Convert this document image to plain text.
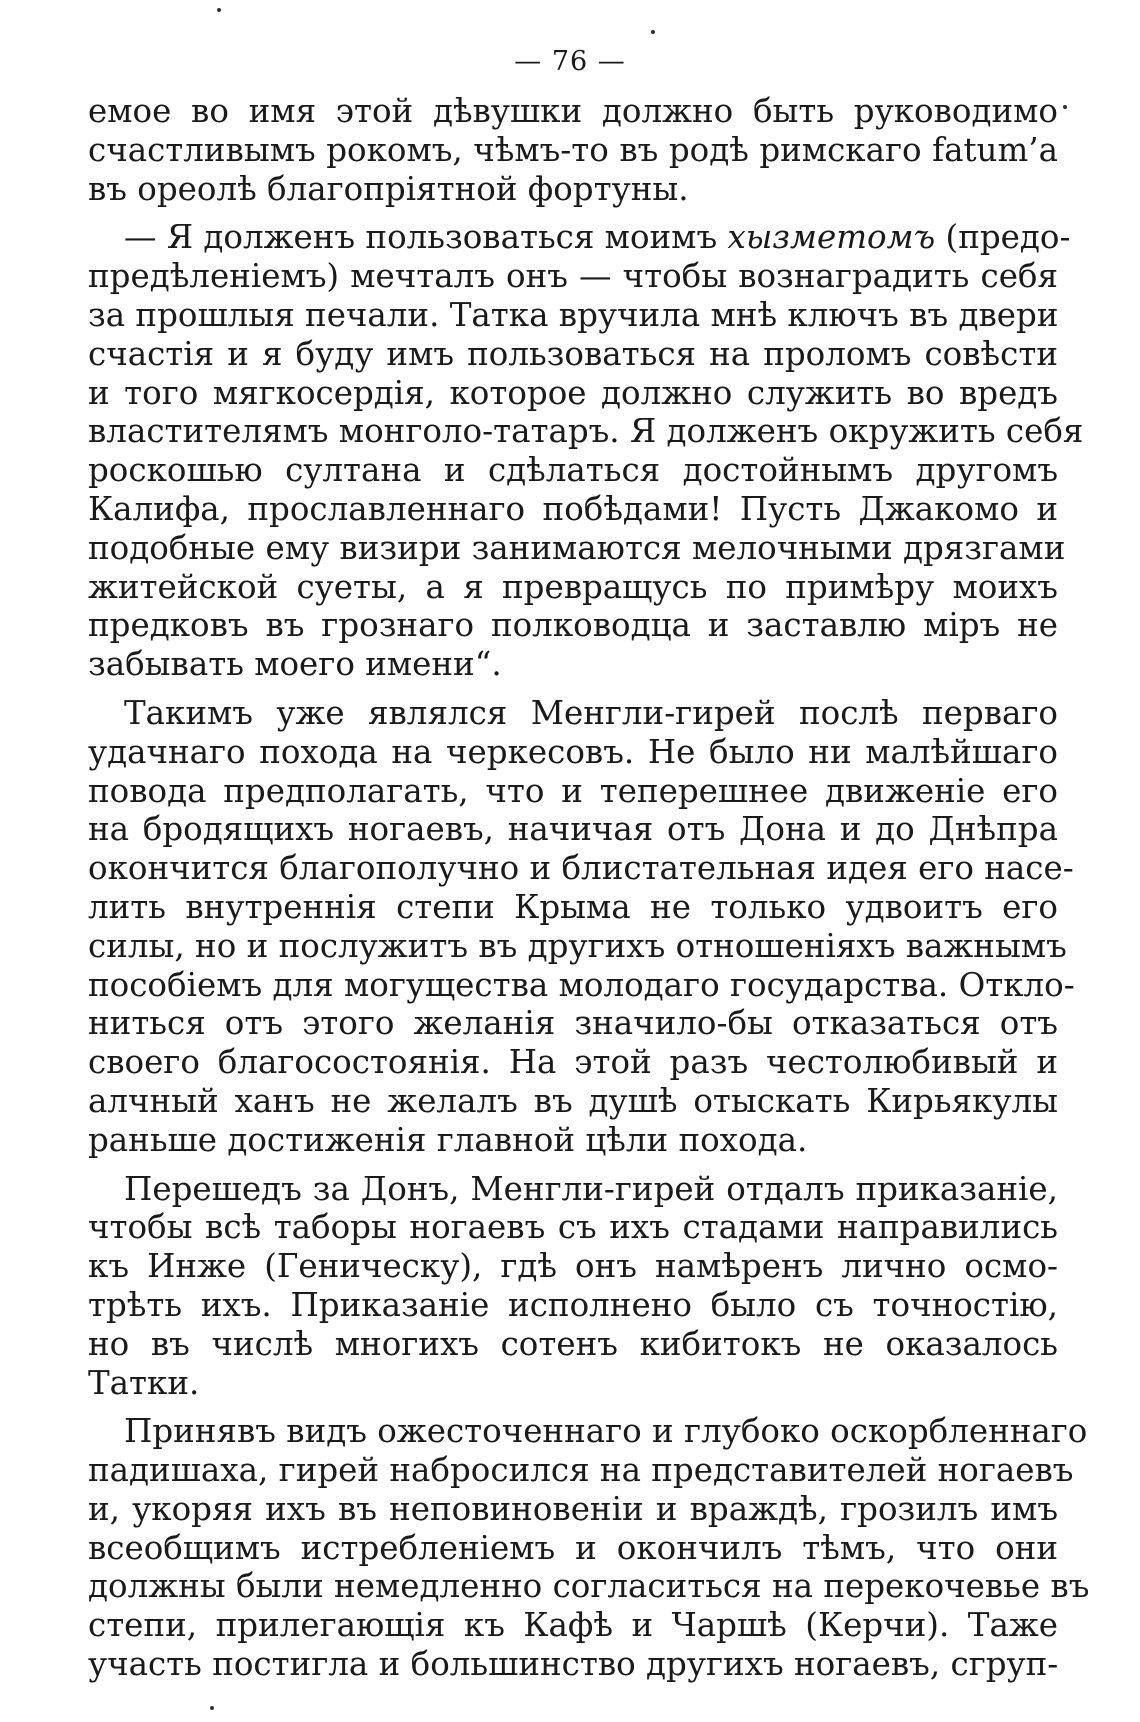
— 76 —
емое во имя этой дѣвушки должно быть руководимо
счастливымъ рокомъ, чѣмъ-то въ родѣ римскаго fatum’а
въ ореолѣ благопріятной фортуны.
— Я долженъ пользоваться моимъ хызметомъ (предо-
предѣленіемъ) мечталъ онъ — чтобы вознаградить себя
за прошлыя печали. Татка вручила мнѣ ключъ въ двери
счастія и я буду имъ пользоваться на проломъ совѣсти
и того мягкосердія, которое должно служить во вредъ
властителямъ монголо-татаръ. Я долженъ окружить себя
роскошью султана и сдѣлаться достойнымъ другомъ
Калифа, прославленнаго побѣдами! Пусть Джакомо и
подобные ему визири занимаются мелочными дрязгами
житейской суеты, а я превращусь по примѣру моихъ
предковъ въ грознаго полководца и заставлю міръ не
забывать моего имени“.
Такимъ уже являлся Менгли-гирей послѣ перваго
удачнаго похода на черкесовъ. Не было ни малѣйшаго
повода предполагать, что и теперешнее движеніе его
на бродящихъ ногаевъ, начичая отъ Дона и до Днѣпра
окончится благополучно и блистательная идея его насе-
лить внутреннія степи Крыма не только удвоитъ его
силы, но и послужитъ въ другихъ отношеніяхъ важнымъ
пособіемъ для могущества молодаго государства. Откло-
ниться отъ этого желанія значило-бы отказаться отъ
своего благосостоянія. На этой разъ честолюбивый и
алчный ханъ не желалъ въ душѣ отыскать Кирьякулы
раньше достиженія главной цѣли похода.
Перешедъ за Донъ, Менгли-гирей отдалъ приказаніе,
чтобы всѣ таборы ногаевъ съ ихъ стадами направились
къ Инже (Геническу), гдѣ онъ намѣренъ лично осмо-
трѣть ихъ. Приказаніе исполнено было съ точностію,
но въ числѣ многихъ сотенъ кибитокъ не оказалось
Татки.
Принявъ видъ ожесточеннаго и глубоко оскорбленнаго
падишаха, гирей набросился на представителей ногаевъ
и, укоряя ихъ въ неповиновеніи и враждѣ, грозилъ имъ
всеобщимъ истребленіемъ и окончилъ тѣмъ, что они
должны были немедленно согласиться на перекочевье въ
степи, прилегающія къ Кафѣ и Чаршѣ (Керчи). Таже
участь постигла и большинство другихъ ногаевъ, сгруп-
